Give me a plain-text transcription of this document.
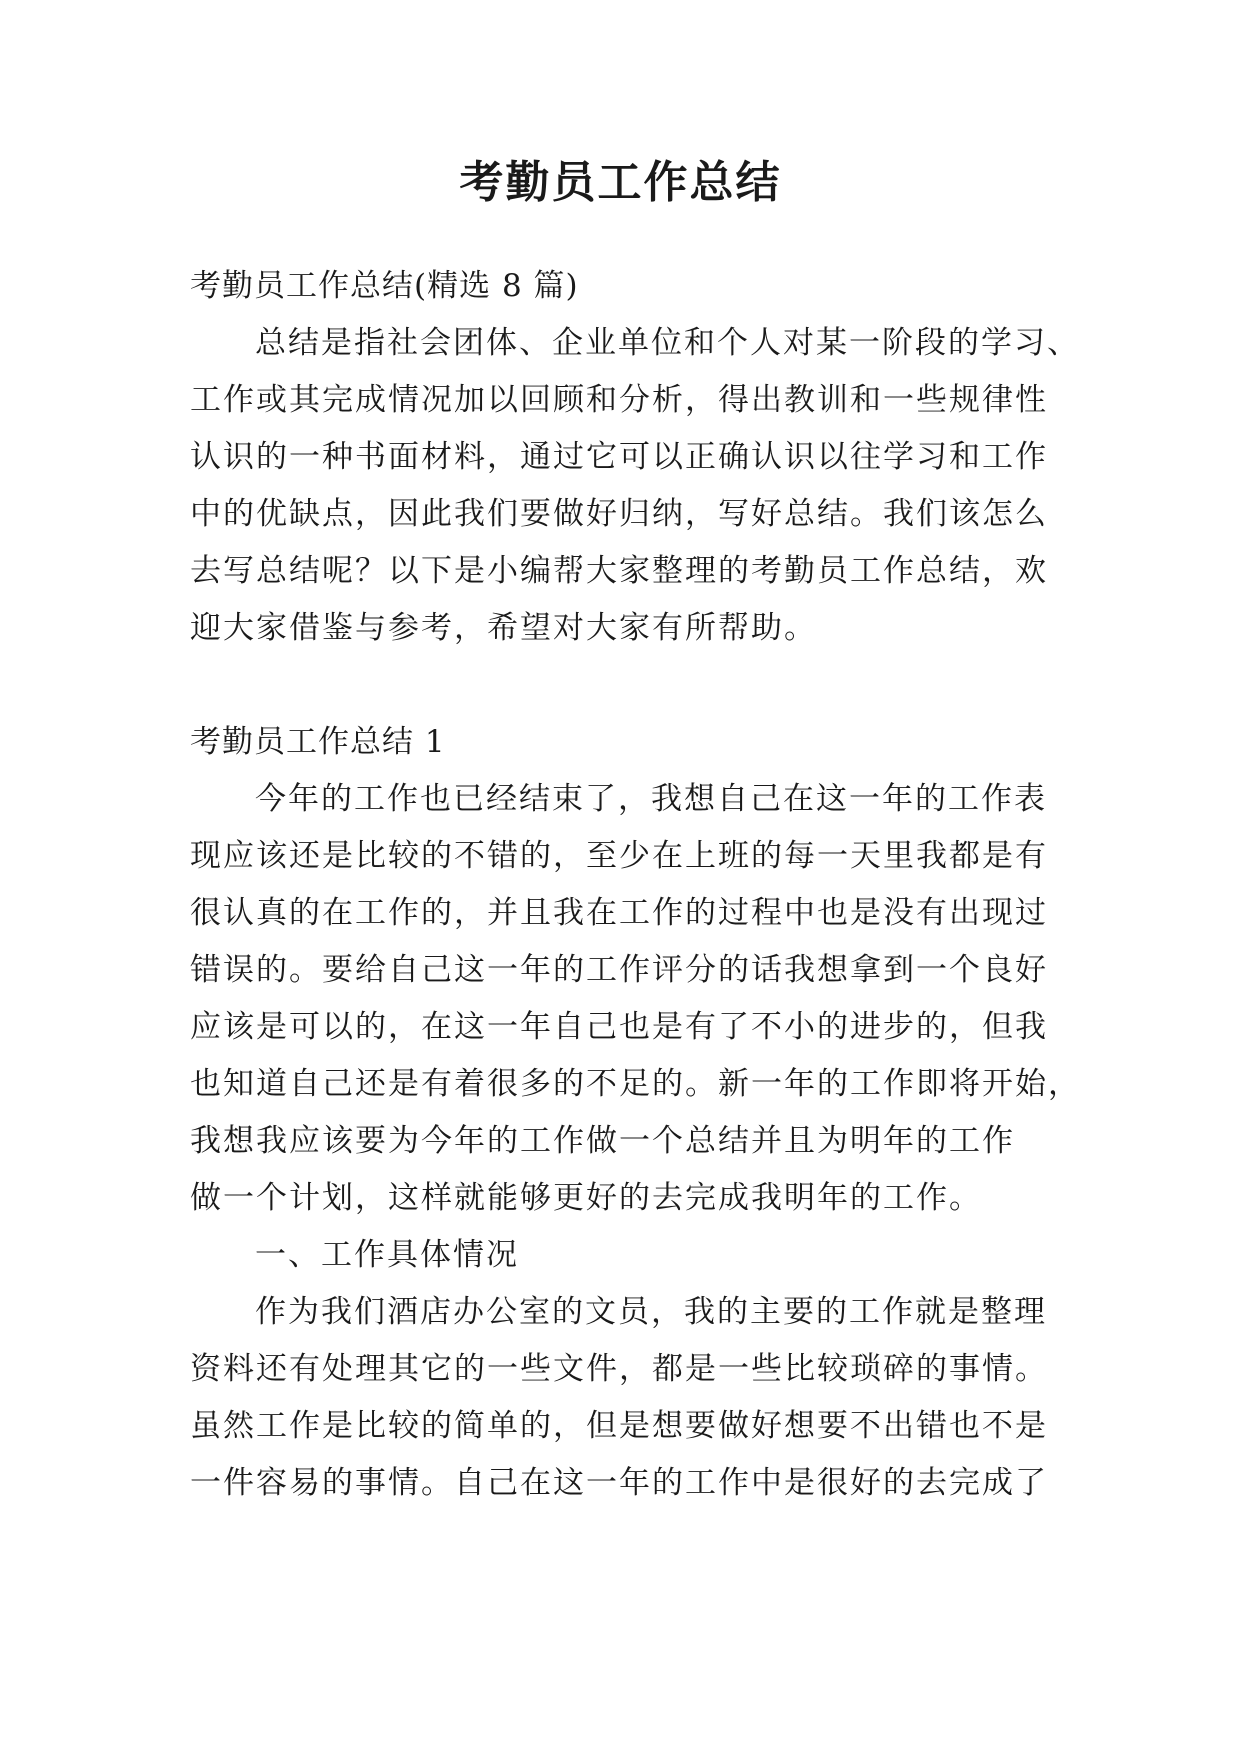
考勤员工作总结

考勤员工作总结(精选 8 篇)

总结是指社会团体、企业单位和个人对某一阶段的学习、

工作或其完成情况加以回顾和分析，得出教训和一些规律性

认识的一种书面材料，通过它可以正确认识以往学习和工作

中的优缺点，因此我们要做好归纳，写好总结。我们该怎么

去写总结呢？以下是小编帮大家整理的考勤员工作总结，欢

迎大家借鉴与参考，希望对大家有所帮助。

考勤员工作总结 1

今年的工作也已经结束了，我想自己在这一年的工作表

现应该还是比较的不错的，至少在上班的每一天里我都是有

很认真的在工作的，并且我在工作的过程中也是没有出现过

错误的。要给自己这一年的工作评分的话我想拿到一个良好

应该是可以的，在这一年自己也是有了不小的进步的，但我

也知道自己还是有着很多的不足的。新一年的工作即将开始，

我想我应该要为今年的工作做一个总结并且为明年的工作

做一个计划，这样就能够更好的去完成我明年的工作。

一、工作具体情况

作为我们酒店办公室的文员，我的主要的工作就是整理

资料还有处理其它的一些文件，都是一些比较琐碎的事情。

虽然工作是比较的简单的，但是想要做好想要不出错也不是

一件容易的事情。自己在这一年的工作中是很好的去完成了
